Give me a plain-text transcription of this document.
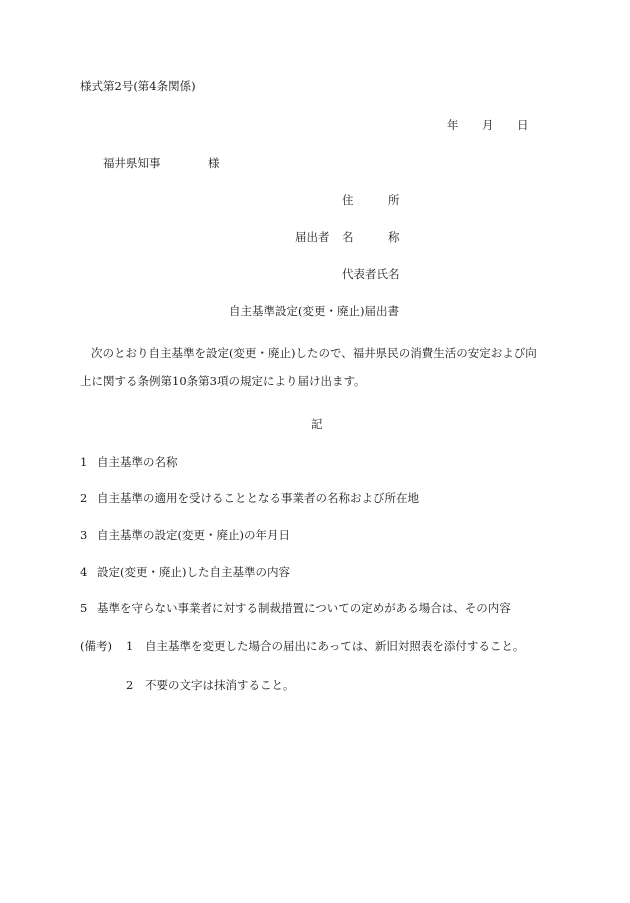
様式第2号(第4条関係)
年 月 日
福井県知事	様
住	所
届出者 名	称
代表者氏名
自主基準設定(変更・廃止)届出書
次のとおり自主基準を設定(変更・廃止)したので、福井県民の消費生活の安定および向
上に関する条例第10条第3項の規定により届け出ます。
記
1 自主基準の名称
2 自主基準の適用を受けることとなる事業者の名称および所在地
3 自主基準の設定(変更・廃止)の年月日
4 設定(変更・廃止)した自主基準の内容
5 基準を守らない事業者に対する制裁措置についての定めがある場合は、その内容
(備考) 1 自主基準を変更した場合の届出にあっては、新旧対照表を添付すること。
2 不要の文字は抹消すること。
